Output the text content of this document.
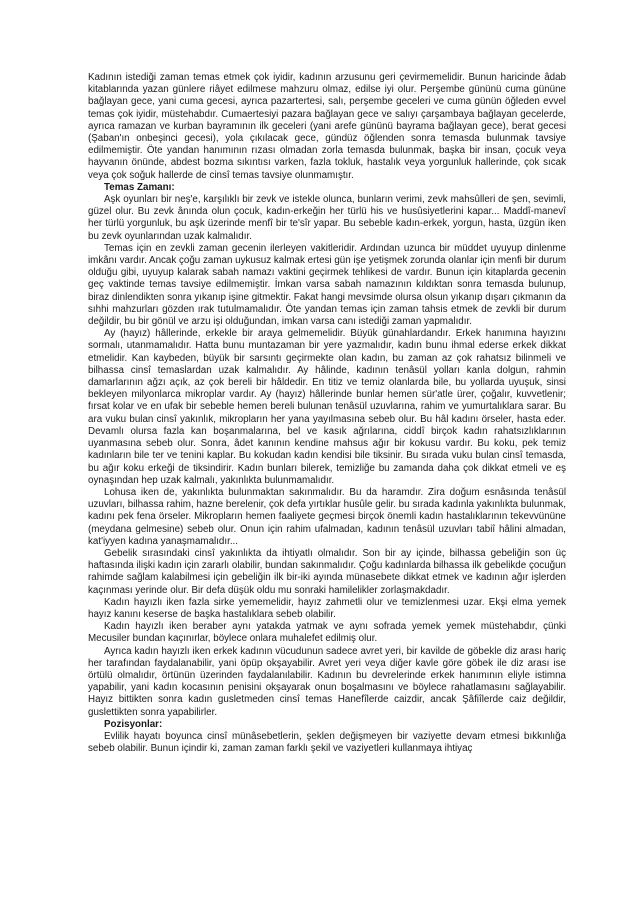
Kadının istediği zaman temas etmek çok iyidir, kadının arzusunu geri çevirmemelidir. Bunun haricinde âdab kitablarında yazan günlere riâyet edilmese mahzuru olmaz, edilse iyi olur. Perşembe gününü cuma gününe bağlayan gece, yani cuma gecesi, ayrıca pazartertesi, salı, perşembe geceleri ve cuma günün öğleden evvel temas çok iyidir, müstehabdır. Cumaertesiyi pazara bağlayan gece ve salıyı çarşambaya bağlayan gecelerde, ayrıca ramazan ve kurban bayramının ilk geceleri (yani arefe gününü bayrama bağlayan gece), berat gecesi (Şaban'ın onbeşinci gecesi), yola çıkılacak gece, gündüz öğlenden sonra temasda bulunmak tavsiye edilmemiştir. Öte yandan hanımının rızası olmadan zorla temasda bulunmak, başka bir insan, çocuk veya hayvanın önünde, abdest bozma sıkıntısı varken, fazla tokluk, hastalık veya yorgunluk hallerinde, çok sıcak veya çok soğuk hallerde de cinsî temas tavsiye olunmamıştır.

Temas Zamanı:

Aşk oyunları bir neş'e, karşılıklı bir zevk ve istekle olunca, bunların verimi, zevk mahsûlleri de şen, sevimli, güzel olur. Bu zevk ânında olun çocuk, kadın-erkeğin her türlü his ve husûsiyetlerini kapar... Maddî-manevî her türlü yorgunluk, bu aşk üzerinde menfî bir te'sîr yapar. Bu sebeble kadın-erkek, yorgun, hasta, üzgün iken bu zevk oyunlarından uzak kalmalıdır.

Temas için en zevkli zaman gecenin ilerleyen vakitleridir. Ardından uzunca bir müddet uyuyup dinlenme imkânı vardır. Ancak çoğu zaman uykusuz kalmak ertesi gün işe yetişmek zorunda olanlar için menfi bir durum olduğu gibi, uyuyup kalarak sabah namazı vaktini geçirmek tehlikesi de vardır. Bunun için kitaplarda gecenin geç vaktinde temas tavsiye edilmemiştir. İmkan varsa sabah namazının kıldıktan sonra temasda bulunup, biraz dinlendikten sonra yıkanıp işine gitmektir. Fakat hangi mevsimde olursa olsun yıkanıp dışarı çıkmanın da sıhhi mahzurları gözden ırak tutulmamalıdır. Öte yandan temas için zaman tahsis etmek de zevkli bir durum değildir, bu bir gönül ve arzu işi olduğundan, imkan varsa canı istediği zaman yapmalıdır.

Ay (hayız) hâllerinde, erkekle bir araya gelmemelidir. Büyük günahlardandır. Erkek hanımına hayızını sormalı, utanmamalıdır. Hatta bunu muntazaman bir yere yazmalıdır, kadın bunu ihmal ederse erkek dikkat etmelidir. Kan kaybeden, büyük bir sarsıntı geçirmekte olan kadın, bu zaman az çok rahatsız bilinmeli ve bilhassa cinsî temaslardan uzak kalmalıdır. Ay hâlinde, kadının tenâsül yolları kanla dolgun, rahmin damarlarının ağzı açık, az çok bereli bir hâldedir. En titiz ve temiz olanlarda bile, bu yollarda uyuşuk, sinsi bekleyen milyonlarca mikroplar vardır. Ay (hayız) hâllerinde bunlar hemen sür'atle ürer, çoğalır, kuvvetlenir; fırsat kolar ve en ufak bir sebeble hemen bereli bulunan tenâsül uzuvlarına, rahim ve yumurtalıklara sarar. Bu ara vuku bulan cinsî yakınlık, mikropların her yana yayılmasına sebeb olur. Bu hâl kadını örseler, hasta eder. Devamlı olursa fazla kan boşanmalarına, bel ve kasık ağrılarına, ciddî birçok kadın rahatsızlıklarının uyanmasına sebeb olur. Sonra, âdet kanının kendine mahsus ağır bir kokusu vardır. Bu koku, pek temiz kadınların bile ter ve tenini kaplar. Bu kokudan kadın kendisi bile tiksinir. Bu sırada vuku bulan cinsî temasda, bu ağır koku erkeği de tiksindirir. Kadın bunları bilerek, temizliğe bu zamanda daha çok dikkat etmeli ve eş oynaşından hep uzak kalmalı, yakınlıkta bulunmamalıdır.

Lohusa iken de, yakınlıkta bulunmaktan sakınmalıdır. Bu da haramdır. Zira doğum esnâsında tenâsül uzuvları, bilhassa rahim, hazne berelenir, çok defa yırtıklar husûle gelir. bu sırada kadınla yakınlıkta bulunmak, kadını pek fena örseler. Mikropların hemen faaliyete geçmesi birçok önemli kadın hastalıklarının tekevvününe (meydana gelmesine) sebeb olur. Onun için rahim ufalmadan, kadının tenâsül uzuvları tabiî hâlini almadan, kat'iyyen kadına yanaşmamalıdır...

Gebelik sırasındaki cinsî yakınlıkta da ihtiyatlı olmalıdır. Son bir ay içinde, bilhassa gebeliğin son üç haftasında ilişki kadın için zararlı olabilir, bundan sakınmalıdır. Çoğu kadınlarda bilhassa ilk gebelikde çocuğun rahimde sağlam kalabilmesi için gebeliğin ilk bir-iki ayında münasebete dikkat etmek ve kadının ağır işlerden kaçınması yerinde olur. Bir defa düşük oldu mu sonraki hamilelikler zorlaşmakdadır.

Kadın hayızlı iken fazla sirke yememelidir, hayız zahmetli olur ve temizlenmesi uzar. Ekşi elma yemek hayız kanını keserse de başka hastalıklara sebeb olabilir.

Kadın hayızlı iken beraber aynı yatakda yatmak ve aynı sofrada yemek yemek müstehabdır, çünki Mecusiler bundan kaçınırlar, böylece onlara muhalefet edilmiş olur.

Ayrıca kadın hayızlı iken erkek kadının vücudunun sadece avret yeri, bir kavilde de göbekle diz arası hariç her tarafından faydalanabilir, yani öpüp okşayabilir. Avret yeri veya diğer kavle göre göbek ile diz arası ise örtülü olmalıdır, örtünün üzerinden faydalanılabilir. Kadının bu devrelerinde erkek hanımının eliyle istimna yapabilir, yani kadın kocasının penisini okşayarak onun boşalmasını ve böylece rahatlamasını sağlayabilir. Hayız bittikten sonra kadın gusletmeden cinsî temas Hanefîlerde caizdir, ancak Şâfiîlerde caiz değildir, guslettikten sonra yapabilirler.

Pozisyonlar:

Evlilik hayatı boyunca cinsî münâsebetlerin, şeklen değişmeyen bir vaziyette devam etmesi bıkkınlığa sebeb olabilir. Bunun içindir ki, zaman zaman farklı şekil ve vaziyetleri kullanmaya ihtiyaç
